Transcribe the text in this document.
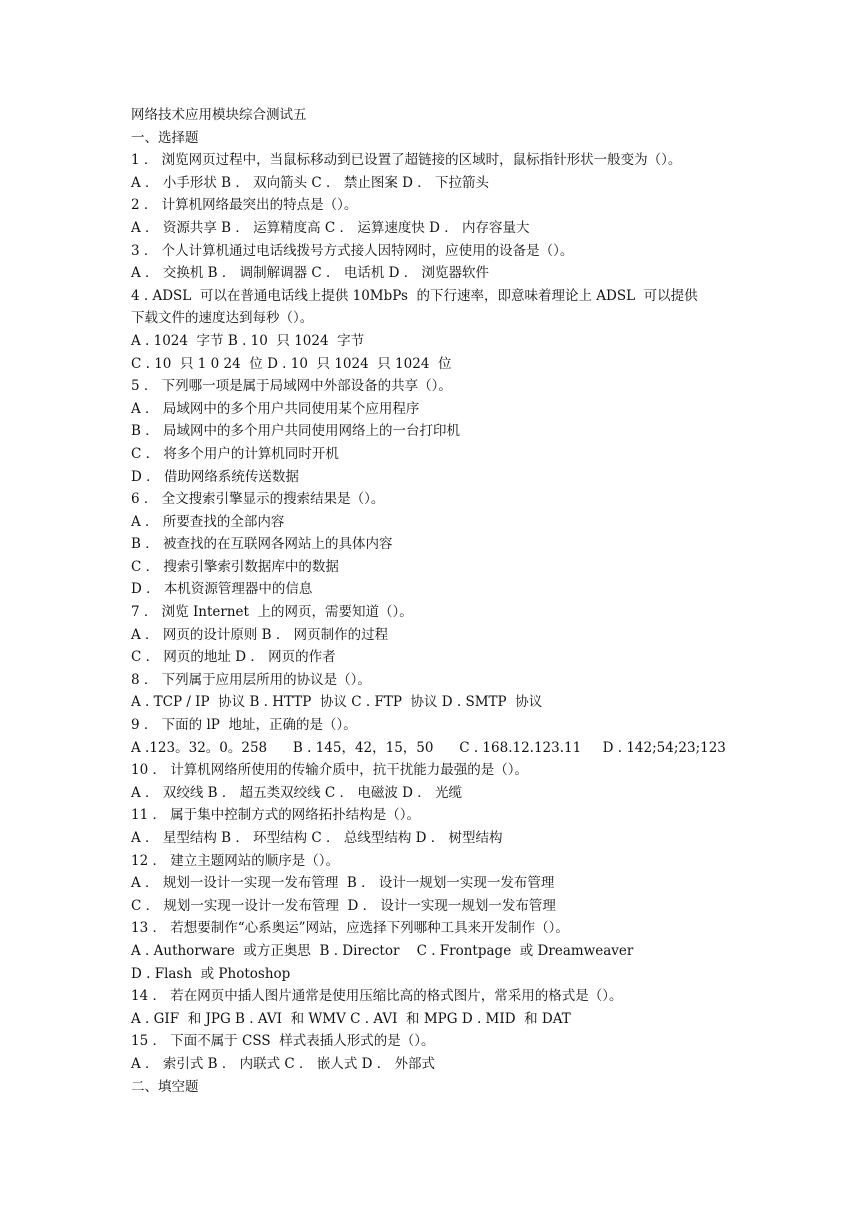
网络技术应用模块综合测试五
一、选择题
1 ． 浏览网页过程中，当鼠标移动到已设置了超链接的区域时，鼠标指针形状一般变为（）。
A ． 小手形状 B ． 双向箭头 C ． 禁止图案 D ． 下拉箭头
2 ． 计算机网络最突出的特点是（）。
A ． 资源共享 B ． 运算精度高 C ． 运算速度快 D ． 内存容量大
3 ． 个人计算机通过电话线拨号方式接人因特网时，应使用的设备是（）。
A ． 交换机 B ． 调制解调器 C ． 电话机 D ． 浏览器软件
4 . ADSL  可以在普通电话线上提供 10MbPs  的下行速率，即意味着理论上 ADSL  可以提供
下载文件的速度达到每秒（）。
A . 1024  字节 B . 10  只 1024  字节
C . 10  只 1 0 24  位 D . 10  只 1024  只 1024  位
5 ． 下列哪一项是属于局域网中外部设备的共享（）。
A ． 局域网中的多个用户共同使用某个应用程序
B ． 局域网中的多个用户共同使用网络上的一台打印机
C ． 将多个用户的计算机同时开机
D ． 借助网络系统传送数据
6 ． 全文搜索引擎显示的搜索结果是（）。
A ． 所要查找的全部内容
B ． 被查找的在互联网各网站上的具体内容
C ． 搜索引擎索引数据库中的数据
D ． 本机资源管理器中的信息
7 ． 浏览 Internet  上的网页，需要知道（）。
A ． 网页的设计原则 B ． 网页制作的过程
C ． 网页的地址 D ． 网页的作者
8 ． 下列属于应用层所用的协议是（）。
A . TCP / IP  协议 B . HTTP  协议 C . FTP  协议 D . SMTP  协议
9 ． 下面的 lP  地址，正确的是（）。
A .123。32。0。258      B . 145，42，15，50      C . 168.12.123.11     D . 142;54;23;123
10 ． 计算机网络所使用的传输介质中，抗干扰能力最强的是（）。
A ． 双绞线 B ． 超五类双绞线 C ． 电磁波 D ． 光缆
11 ． 属于集中控制方式的网络拓扑结构是（）。
A ． 星型结构 B ． 环型结构 C ． 总线型结构 D ． 树型结构
12 ． 建立主题网站的顺序是（）。
A ． 规划一设计一实现一发布管理  B ． 设计一规划一实现一发布管理
C ． 规划一实现一设计一发布管理  D ． 设计一实现一规划一发布管理
13 ． 若想要制作“心系奥运”网站，应选择下列哪种工具来开发制作（）。
A . Authorware  或方正奥思  B . Director    C . Frontpage  或 Dreamweaver
D . Flash  或 Photoshop
14 ． 若在网页中插人图片通常是使用压缩比高的格式图片，常采用的格式是（）。
A . GIF  和 JPG B . AVI  和 WMV C . AVI  和 MPG D . MID  和 DAT
15 ． 下面不属于 CSS  样式表插人形式的是（）。
A ． 索引式 B ． 内联式 C ． 嵌人式 D ． 外部式
二、填空题
